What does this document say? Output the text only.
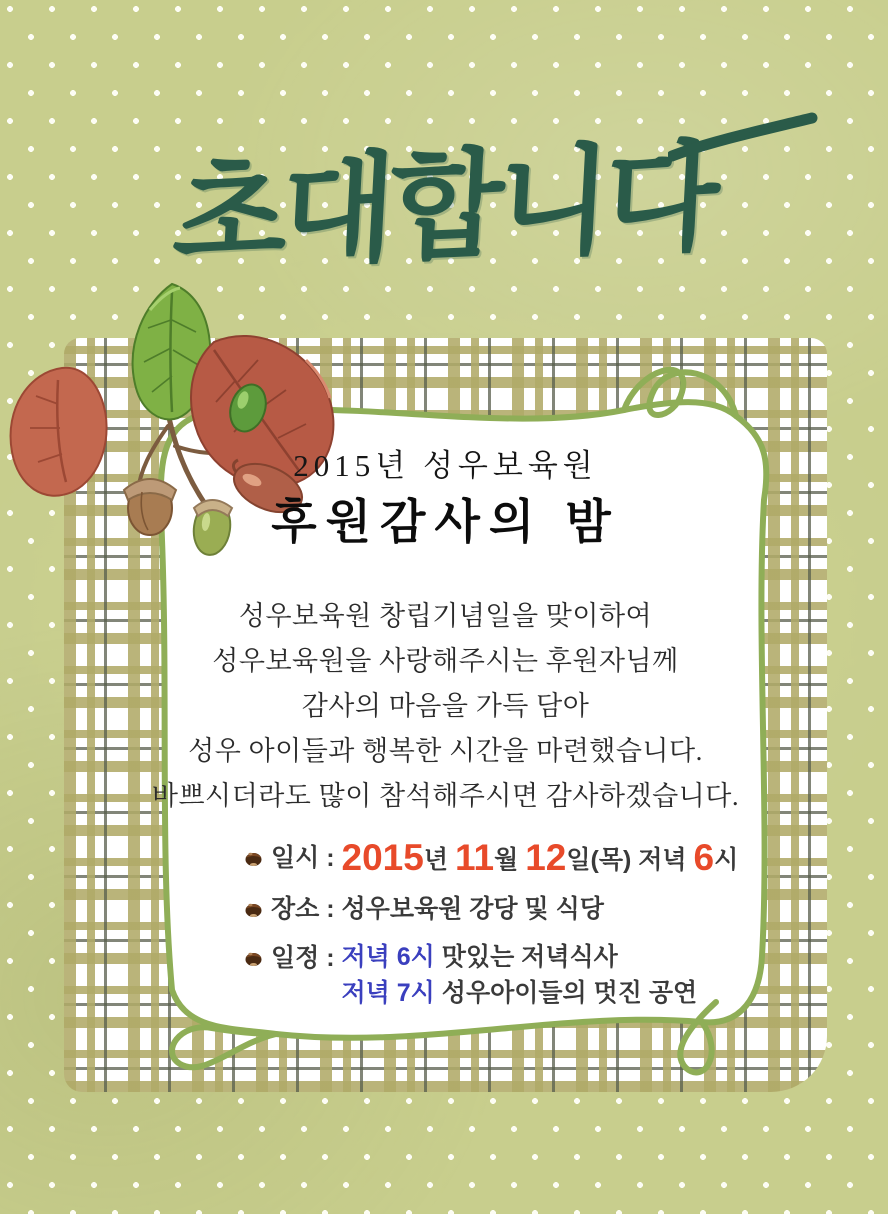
초대합니다
2015년 성우보육원
후원감사의 밤
성우보육원 창립기념일을 맞이하여
성우보육원을 사랑해주시는 후원자님께
감사의 마음을 가득 담아
성우 아이들과 행복한 시간을 마련했습니다.
바쁘시더라도 많이 참석해주시면 감사하겠습니다.
일시 : 2015년 11월 12일(목) 저녁 6시
장소 : 성우보육원 강당 및 식당
일정 : 저녁 6시 맛있는 저녁식사
저녁 7시 성우아이들의 멋진 공연
